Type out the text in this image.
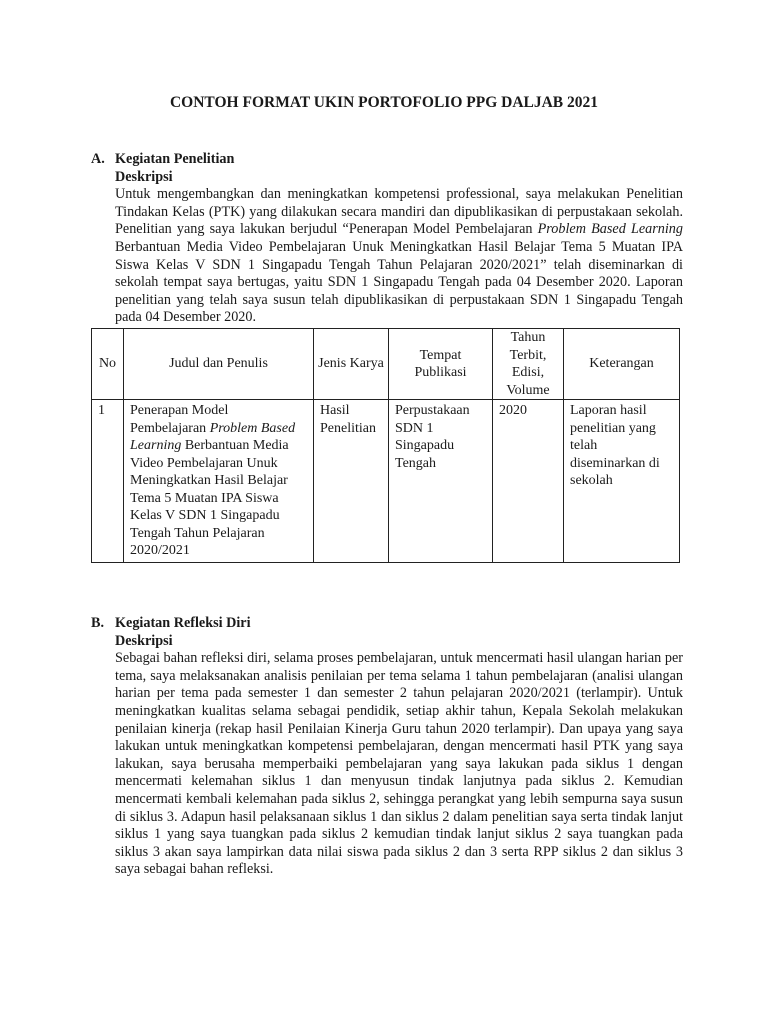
CONTOH FORMAT UKIN PORTOFOLIO PPG DALJAB 2021
A. Kegiatan Penelitian
Deskripsi
Untuk mengembangkan dan meningkatkan kompetensi professional, saya melakukan Penelitian Tindakan Kelas (PTK) yang dilakukan secara mandiri dan dipublikasikan di perpustakaan sekolah. Penelitian yang saya lakukan berjudul “Penerapan Model Pembelajaran Problem Based Learning Berbantuan Media Video Pembelajaran Unuk Meningkatkan Hasil Belajar Tema 5 Muatan IPA Siswa Kelas V SDN 1 Singapadu Tengah Tahun Pelajaran 2020/2021” telah diseminarkan di sekolah tempat saya bertugas, yaitu SDN 1 Singapadu Tengah pada 04 Desember 2020. Laporan penelitian yang telah saya susun telah dipublikasikan di perpustakaan SDN 1 Singapadu Tengah pada 04 Desember 2020.
No	Judul dan Penulis	Jenis Karya	Tempat Publikasi	Tahun Terbit, Edisi, Volume	Keterangan
1	Penerapan Model Pembelajaran Problem Based Learning Berbantuan Media Video Pembelajaran Unuk Meningkatkan Hasil Belajar Tema 5 Muatan IPA Siswa Kelas V SDN 1 Singapadu Tengah Tahun Pelajaran 2020/2021	Hasil Penelitian	Perpustakaan SDN 1 Singapadu Tengah	2020	Laporan hasil penelitian yang telah diseminarkan di sekolah
B. Kegiatan Refleksi Diri
Deskripsi
Sebagai bahan refleksi diri, selama proses pembelajaran, untuk mencermati hasil ulangan harian per tema, saya melaksanakan analisis penilaian per tema selama 1 tahun pembelajaran (analisi ulangan harian per tema pada semester 1 dan semester 2 tahun pelajaran 2020/2021 (terlampir). Untuk meningkatkan kualitas selama sebagai pendidik, setiap akhir tahun, Kepala Sekolah melakukan penilaian kinerja (rekap hasil Penilaian Kinerja Guru tahun 2020 terlampir). Dan upaya yang saya lakukan untuk meningkatkan kompetensi pembelajaran, dengan mencermati hasil PTK yang saya lakukan, saya berusaha memperbaiki pembelajaran yang saya lakukan pada siklus 1 dengan mencermati kelemahan siklus 1 dan menyusun tindak lanjutnya pada siklus 2. Kemudian mencermati kembali kelemahan pada siklus 2, sehingga perangkat yang lebih sempurna saya susun di siklus 3. Adapun hasil pelaksanaan siklus 1 dan siklus 2 dalam penelitian saya serta tindak lanjut siklus 1 yang saya tuangkan pada siklus 2 kemudian tindak lanjut siklus 2 saya tuangkan pada siklus 3 akan saya lampirkan data nilai siswa pada siklus 2 dan 3 serta RPP siklus 2 dan siklus 3 saya sebagai bahan refleksi.
